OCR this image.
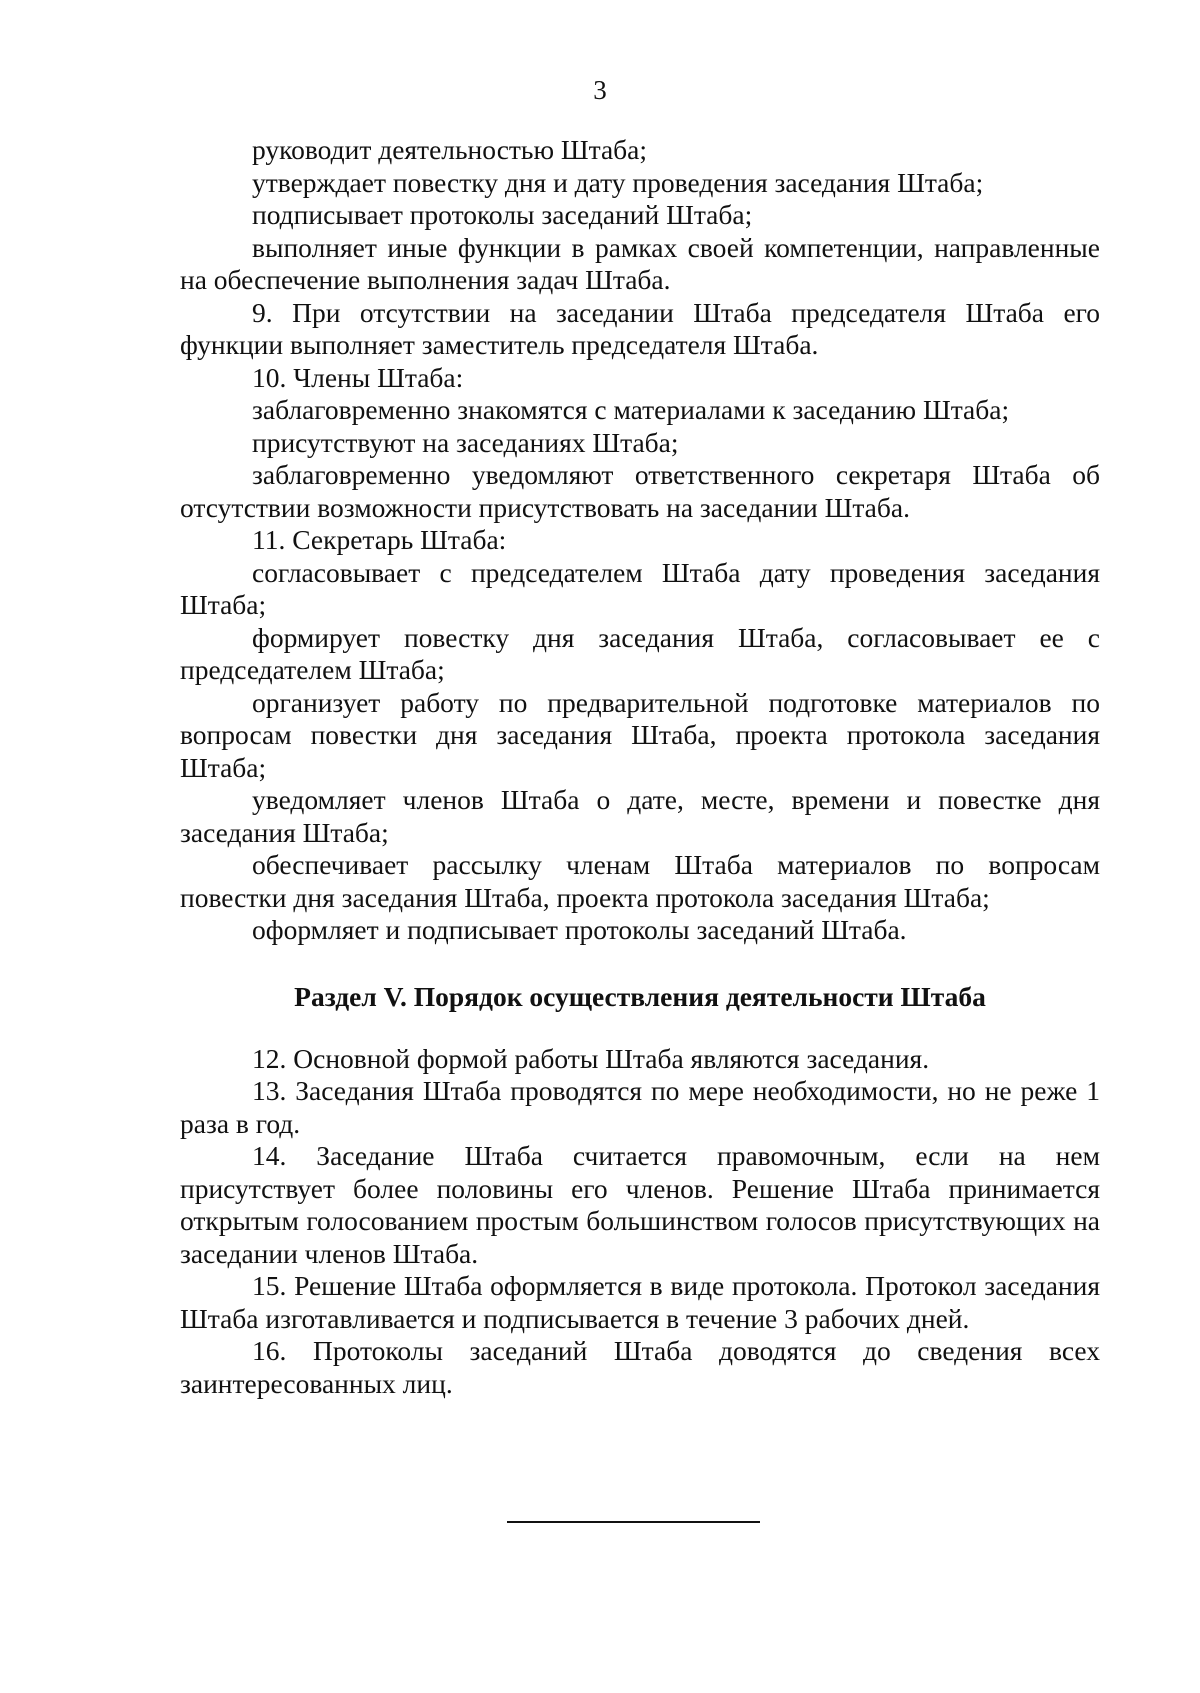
3

руководит деятельностью Штаба;

утверждает повестку дня и дату проведения заседания Штаба;

подписывает протоколы заседаний Штаба;

выполняет иные функции в рамках своей компетенции, направленные на обеспечение выполнения задач Штаба.

9. При отсутствии на заседании Штаба председателя Штаба его функции выполняет заместитель председателя Штаба.

10. Члены Штаба:

заблаговременно знакомятся с материалами к заседанию Штаба;

присутствуют на заседаниях Штаба;

заблаговременно уведомляют ответственного секретаря Штаба об отсутствии возможности присутствовать на заседании Штаба.

11. Секретарь Штаба:

согласовывает с председателем Штаба дату проведения заседания Штаба;

формирует повестку дня заседания Штаба, согласовывает ее с председателем Штаба;

организует работу по предварительной подготовке материалов по вопросам повестки дня заседания Штаба, проекта протокола заседания Штаба;

уведомляет членов Штаба о дате, месте, времени и повестке дня заседания Штаба;

обеспечивает рассылку членам Штаба материалов по вопросам повестки дня заседания Штаба, проекта протокола заседания Штаба;

оформляет и подписывает протоколы заседаний Штаба.

Раздел V. Порядок осуществления деятельности Штаба

12. Основной формой работы Штаба являются заседания.

13. Заседания Штаба проводятся по мере необходимости, но не реже 1 раза в год.

14. Заседание Штаба считается правомочным, если на нем присутствует более половины его членов. Решение Штаба принимается открытым голосованием простым большинством голосов присутствующих на заседании членов Штаба.

15. Решение Штаба оформляется в виде протокола. Протокол заседания Штаба изготавливается и подписывается в течение 3 рабочих дней.

16. Протоколы заседаний Штаба доводятся до сведения всех заинтересованных лиц.
